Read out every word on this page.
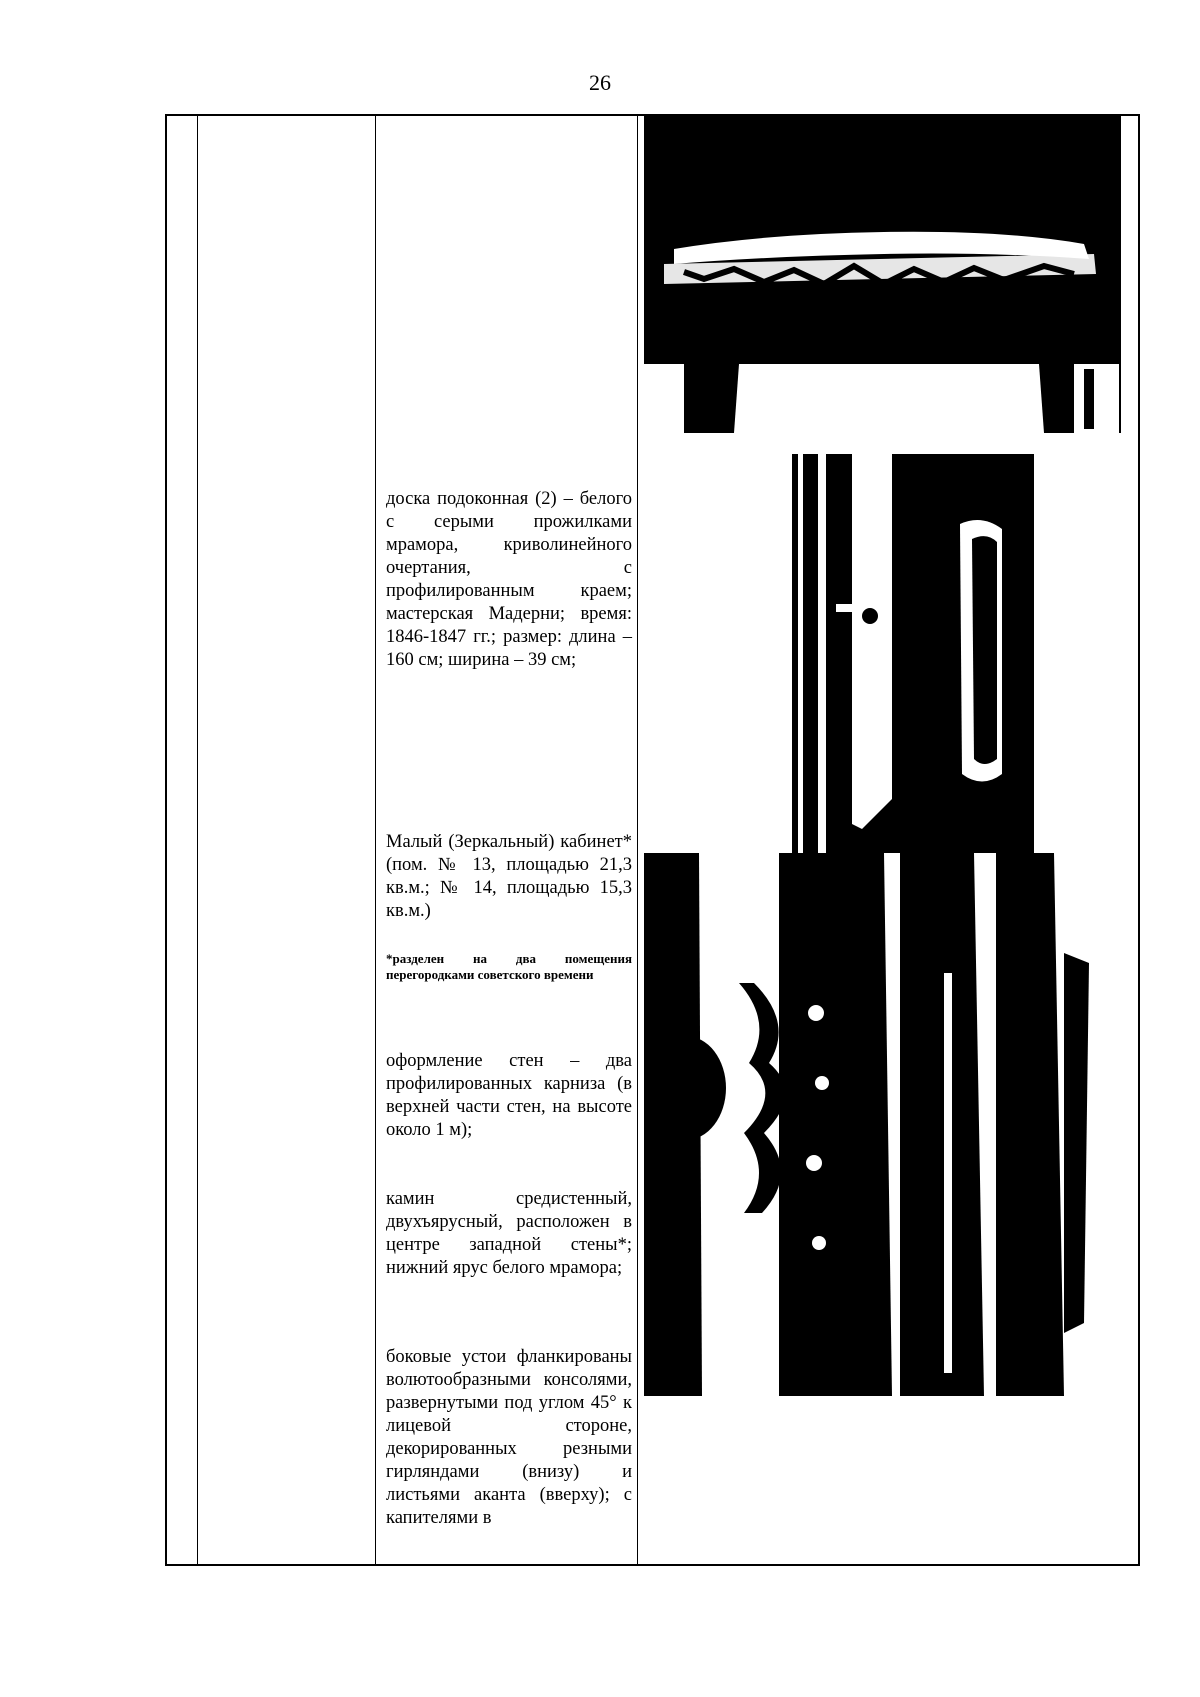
26
доска подоконная (2) – белого с серыми прожилками мрамора, криволинейного очертания, с профилированным краем; мастерская Мадерни; время: 1846-1847 гг.; размер: длина – 160 см; ширина – 39 см;
Малый (Зеркальный) кабинет* (пом. № 13, площадью 21,3 кв.м.; № 14, площадью 15,3 кв.м.)
*разделен на два помещения перегородками советского времени
оформление стен – два профилированных карниза (в верхней части стен, на высоте около 1 м);
камин средистенный, двухъярусный, расположен в центре западной стены*; нижний ярус белого мрамора;
боковые устои фланкированы волютообразными консолями, развернутыми под углом 45° к лицевой стороне, декорированных резными гирляндами (внизу) и листьями аканта (вверху); с капителями в
